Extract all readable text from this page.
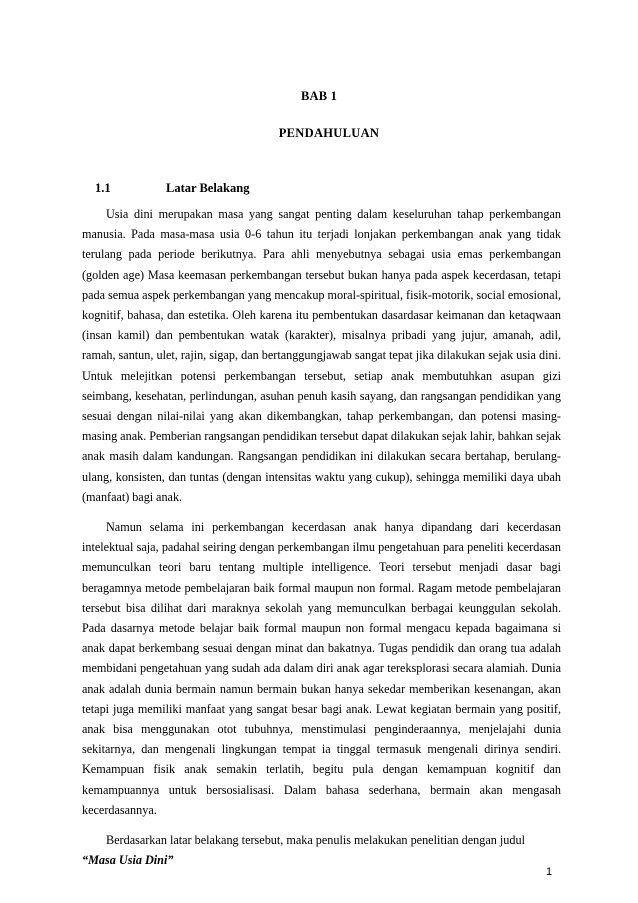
BAB 1
PENDAHULUAN
1.1	Latar Belakang

Usia dini merupakan masa yang sangat penting dalam keseluruhan tahap perkembangan manusia. Pada masa-masa usia 0-6 tahun itu terjadi lonjakan perkembangan anak yang tidak terulang pada periode berikutnya. Para ahli menyebutnya sebagai usia emas perkembangan (golden age) Masa keemasan perkembangan tersebut bukan hanya pada aspek kecerdasan, tetapi pada semua aspek perkembangan yang mencakup moral-spiritual, fisik-motorik, social emosional, kognitif, bahasa, dan estetika. Oleh karena itu pembentukan dasardasar keimanan dan ketaqwaan (insan kamil) dan pembentukan watak (karakter), misalnya pribadi yang jujur, amanah, adil, ramah, santun, ulet, rajin, sigap, dan bertanggungjawab sangat tepat jika dilakukan sejak usia dini. Untuk melejitkan potensi perkembangan tersebut, setiap anak membutuhkan asupan gizi seimbang, kesehatan, perlindungan, asuhan penuh kasih sayang, dan rangsangan pendidikan yang sesuai dengan nilai-nilai yang akan dikembangkan, tahap perkembangan, dan potensi masing-masing anak. Pemberian rangsangan pendidikan tersebut dapat dilakukan sejak lahir, bahkan sejak anak masih dalam kandungan. Rangsangan pendidikan ini dilakukan secara bertahap, berulang-ulang, konsisten, dan tuntas (dengan intensitas waktu yang cukup), sehingga memiliki daya ubah (manfaat) bagi anak.

Namun selama ini perkembangan kecerdasan anak hanya dipandang dari kecerdasan intelektual saja, padahal seiring dengan perkembangan ilmu pengetahuan para peneliti kecerdasan memunculkan teori baru tentang multiple intelligence. Teori tersebut menjadi dasar bagi beragamnya metode pembelajaran baik formal maupun non formal. Ragam metode pembelajaran tersebut bisa dilihat dari maraknya sekolah yang memunculkan berbagai keunggulan sekolah. Pada dasarnya metode belajar baik formal maupun non formal mengacu kepada bagaimana si anak dapat berkembang sesuai dengan minat dan bakatnya. Tugas pendidik dan orang tua adalah membidani pengetahuan yang sudah ada dalam diri anak agar tereksplorasi secara alamiah. Dunia anak adalah dunia bermain namun bermain bukan hanya sekedar memberikan kesenangan, akan tetapi juga memiliki manfaat yang sangat besar bagi anak. Lewat kegiatan bermain yang positif, anak bisa menggunakan otot tubuhnya, menstimulasi penginderaannya, menjelajahi dunia sekitarnya, dan mengenali lingkungan tempat ia tinggal termasuk mengenali dirinya sendiri. Kemampuan fisik anak semakin terlatih, begitu pula dengan kemampuan kognitif dan kemampuannya untuk bersosialisasi. Dalam bahasa sederhana, bermain akan mengasah kecerdasannya.

Berdasarkan latar belakang tersebut, maka penulis melakukan penelitian dengan judul
“Masa Usia Dini”

1
